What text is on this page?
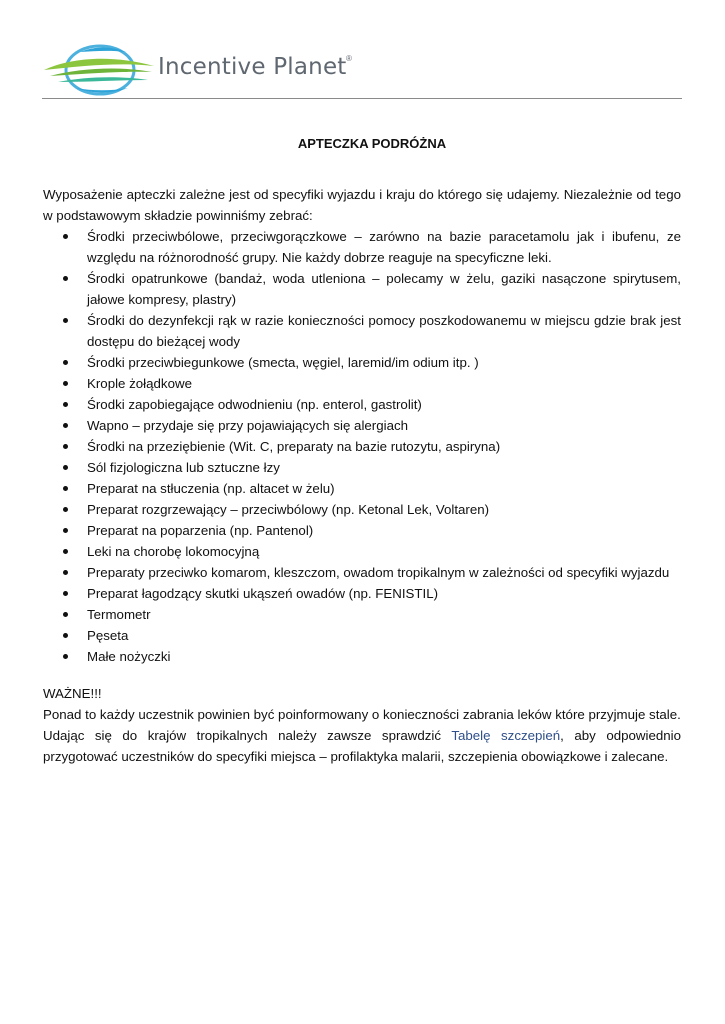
Incentive Planet ®
APTECZKA PODRÓŻNA

Wyposażenie apteczki zależne jest od specyfiki wyjazdu i kraju do którego się udajemy. Niezależnie od tego w podstawowym składzie powinniśmy zebrać:

Środki przeciwbólowe, przeciwgorączkowe – zarówno na bazie paracetamolu jak i ibufenu, ze względu na różnorodność grupy. Nie każdy dobrze reaguje na specyficzne leki.
Środki opatrunkowe (bandaż, woda utleniona – polecamy w żelu, gaziki nasączone spirytusem, jałowe kompresy, plastry)
Środki do dezynfekcji rąk w razie konieczności pomocy poszkodowanemu w miejscu gdzie brak jest dostępu do bieżącej wody
Środki przeciwbiegunkowe (smecta, węgiel, laremid/im odium itp. )
Krople żołądkowe
Środki zapobiegające odwodnieniu (np. enterol, gastrolit)
Wapno – przydaje się przy pojawiających się alergiach
Środki na przeziębienie (Wit. C, preparaty na bazie rutozytu, aspiryna)
Sól fizjologiczna lub sztuczne łzy
Preparat na stłuczenia (np. altacet w żelu)
Preparat rozgrzewający – przeciwbólowy (np. Ketonal Lek, Voltaren)
Preparat na poparzenia (np. Pantenol)
Leki na chorobę lokomocyjną
Preparaty przeciwko komarom, kleszczom, owadom tropikalnym w zależności od specyfiki wyjazdu
Preparat łagodzący skutki ukąszeń owadów (np. FENISTIL)
Termometr
Pęseta
Małe nożyczki

WAŻNE!!!

Ponad to każdy uczestnik powinien być poinformowany o konieczności zabrania leków które przyjmuje stale.

Udając się do krajów tropikalnych należy zawsze sprawdzić Tabelę szczepień, aby odpowiednio przygotować uczestników do specyfiki miejsca – profilaktyka malarii, szczepienia obowiązkowe i zalecane.
